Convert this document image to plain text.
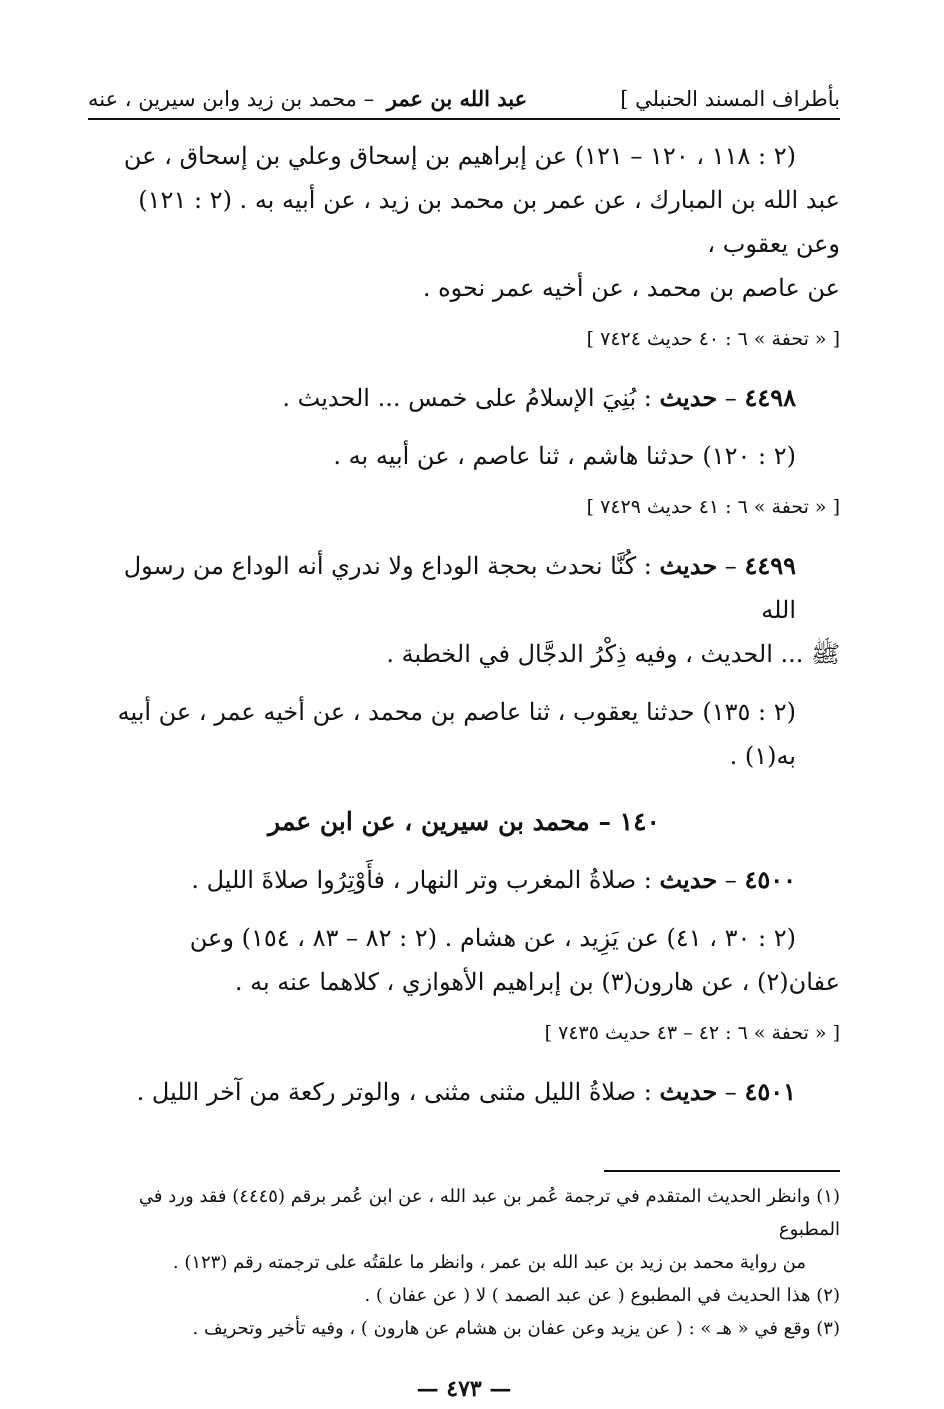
بأطراف المسند الحنبلي ]
عبد الله بن عمر – محمد بن زيد وابن سيرين ، عنه

(٢ : ١١٨ ، ١٢٠ – ١٢١) عن إبراهيم بن إسحاق وعلي بن إسحاق ، عن

عبد الله بن المبارك ، عن عمر بن محمد بن زيد ، عن أبيه به . (٢ : ١٢١) وعن يعقوب ،

عن عاصم بن محمد ، عن أخيه عمر نحوه .

[ « تحفة » ٦ : ٤٠ حديث ٧٤٢٤ ]

٤٤٩٨ – حديث : بُنِيَ الإسلامُ على خمس ... الحديث .

(٢ : ١٢٠) حدثنا هاشم ، ثنا عاصم ، عن أبيه به .

[ « تحفة » ٦ : ٤١ حديث ٧٤٢٩ ]

٤٤٩٩ – حديث : كُنَّا نحدث بحجة الوداع ولا ندري أنه الوداع من رسول الله

ﷺ ... الحديث ، وفيه ذِكْرُ الدجَّال في الخطبة .

(٢ : ١٣٥) حدثنا يعقوب ، ثنا عاصم بن محمد ، عن أخيه عمر ، عن أبيه به(١) .

١٤٠ – محمد بن سيرين ، عن ابن عمر

٤٥٠٠ – حديث : صلاةُ المغرب وتر النهار ، فأَوْتِرُوا صلاةَ الليل .

(٢ : ٣٠ ، ٤١) عن يَزِيد ، عن هشام . (٢ : ٨٢ – ٨٣ ، ١٥٤) وعن

عفان(٢) ، عن هارون(٣) بن إبراهيم الأهوازي ، كلاهما عنه به .

[ « تحفة » ٦ : ٤٢ – ٤٣ حديث ٧٤٣٥ ]

٤٥٠١ – حديث : صلاةُ الليل مثنى مثنى ، والوتر ركعة من آخر الليل .

(١) وانظر الحديث المتقدم في ترجمة عُمر بن عبد الله ، عن ابن عُمر برقم (٤٤٤٥) فقد ورد في المطبوع
من رواية محمد بن زيد بن عبد الله بن عمر ، وانظر ما علقتُه على ترجمته رقم (١٢٣) .

(٢) هذا الحديث في المطبوع ( عن عبد الصمد ) لا ( عن عفان ) .

(٣) وقع في « هـ » : ( عن يزيد وعن عفان بن هشام عن هارون ) ، وفيه تأخير وتحريف .

— ٤٧٣ —
